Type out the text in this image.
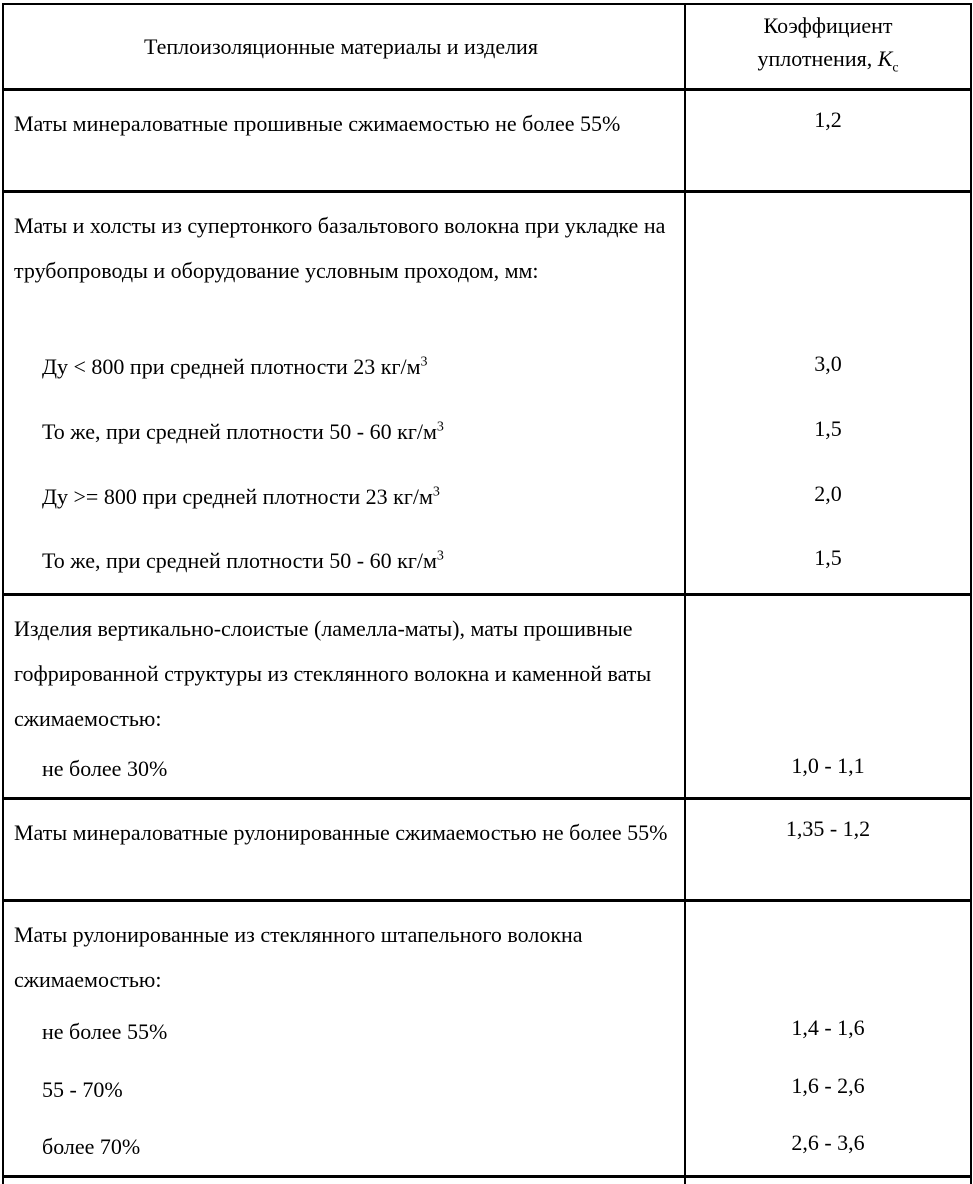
Теплоизоляционные материалы и изделия	Коэффициент
уплотнения, $К_с$

Маты минераловатные прошивные сжимаемостью не более 55%	1,2
Маты и холсты из супертонкого базальтового волокна при укладке на трубопроводы и оборудование условным проходом, мм:	
Ду < 800 при средней плотности 23 $кг/м^3$	3,0
То же, при средней плотности 50 - 60 $кг/м^3$	1,5
Ду >= 800 при средней плотности 23 $кг/м^3$	2,0
То же, при средней плотности 50 - 60 $кг/м^3$	1,5
Изделия вертикально-слоистые (ламелла-маты), маты прошивные гофрированной структуры из стеклянного волокна и каменной ваты сжимаемостью:	
не более 30%	1,0 - 1,1
Маты минераловатные рулонированные сжимаемостью не более 55%	1,35 - 1,2
Маты рулонированные из стеклянного штапельного волокна сжимаемостью:	
не более 55%	1,4 - 1,6
55 - 70%	1,6 - 2,6
более 70%	2,6 - 3,6
